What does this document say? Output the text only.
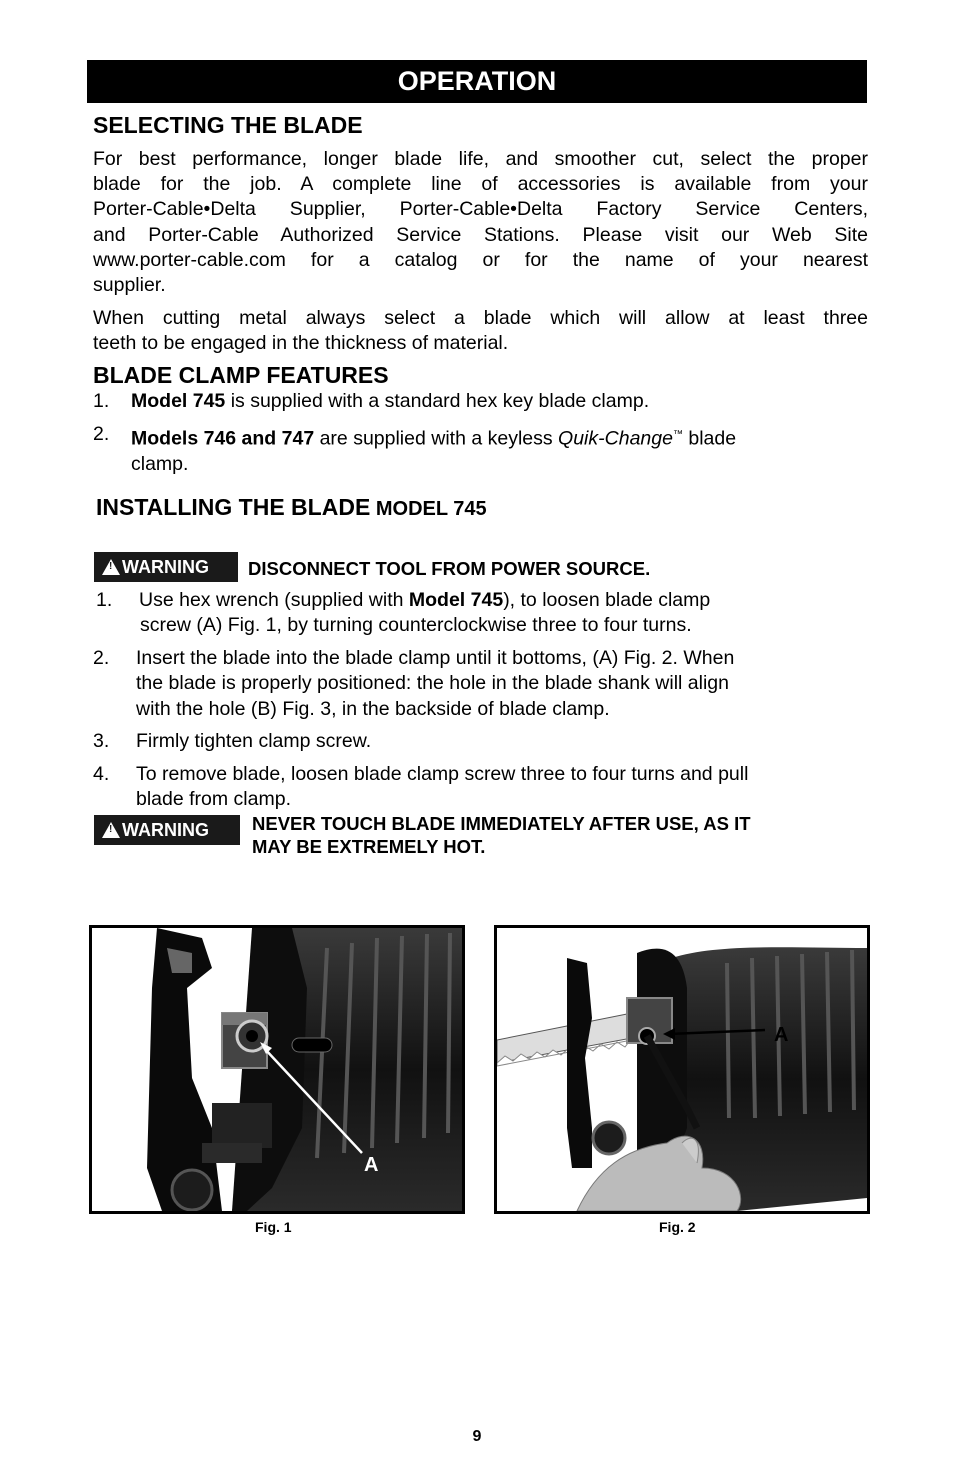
OPERATION
SELECTING THE BLADE
For best performance, longer blade life, and smoother cut, select the proper
blade for the job. A complete line of accessories is available from your
Porter-Cable•Delta Supplier, Porter-Cable•Delta Factory Service Centers,
and Porter-Cable Authorized Service Stations. Please visit our Web Site
www.porter-cable.com for a catalog or for the name of your nearest
supplier.
When cutting metal always select a blade which will allow at least three
teeth to be engaged in the thickness of material.
BLADE CLAMP FEATURES
1.	Model 745 is supplied with a standard hex key blade clamp.
2.	Models 746 and 747 are supplied with a keyless Quik-Change™ blade
clamp.
INSTALLING THE BLADE MODEL 745
! WARNING	DISCONNECT TOOL FROM POWER SOURCE.
1.	Use hex wrench (supplied with Model 745), to loosen blade clamp
screw (A) Fig. 1, by turning counterclockwise three to four turns.
2.	Insert the blade into the blade clamp until it bottoms, (A) Fig. 2. When
the blade is properly positioned: the hole in the blade shank will align
with the hole (B) Fig. 3, in the backside of blade clamp.
3.	Firmly tighten clamp screw.
4.	To remove blade, loosen blade clamp screw three to four turns and pull
blade from clamp.
! WARNING	NEVER TOUCH BLADE IMMEDIATELY AFTER USE, AS IT
MAY BE EXTREMELY HOT.
A
Fig. 1
A
Fig. 2
9
